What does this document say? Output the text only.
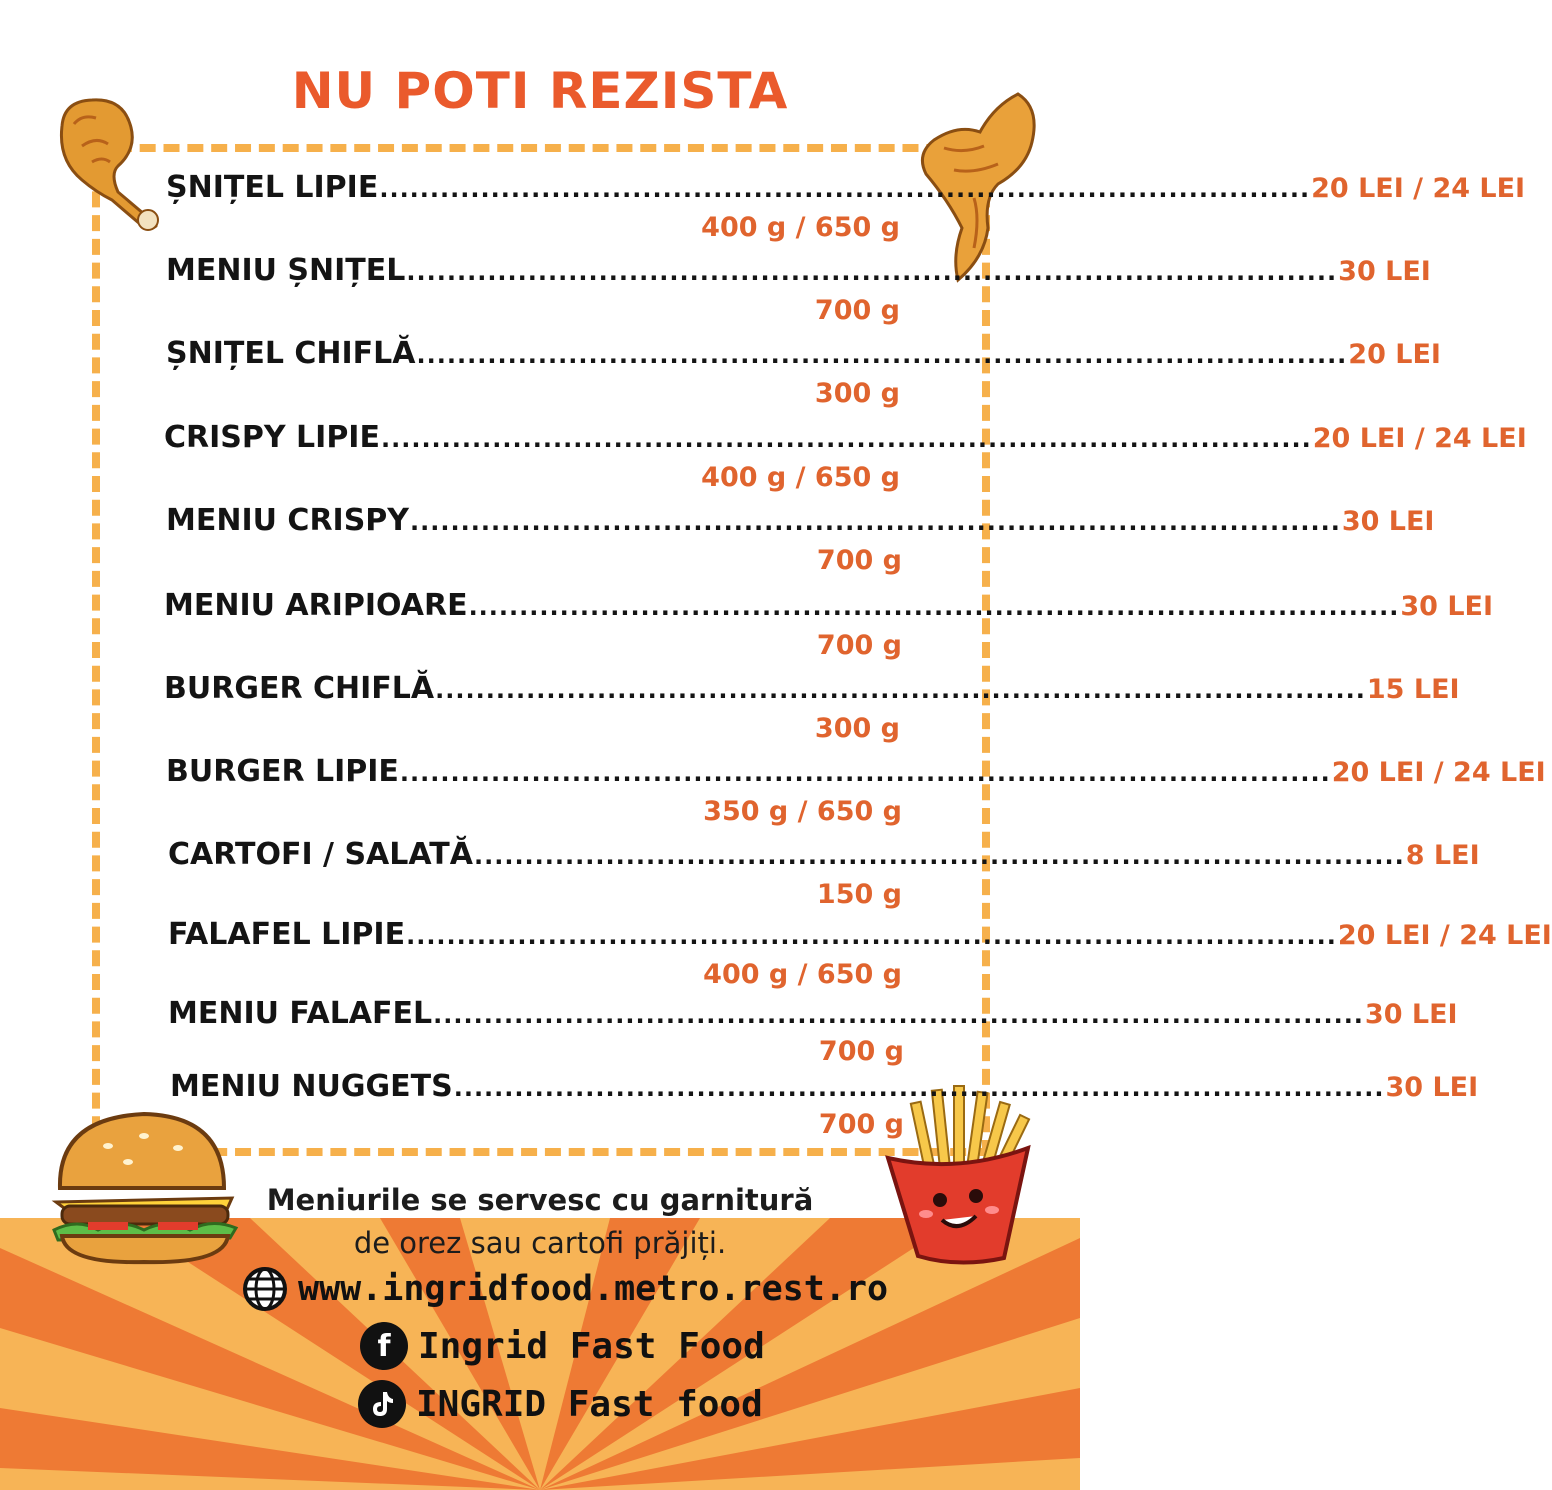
NU POTI REZISTA
ȘNIȚEL LIPIE ............................................................................................ 20 LEI / 24 LEI
400 g / 650 g
MENIU ȘNIȚEL ............................................................................................ 30 LEI
700 g
ȘNIȚEL CHIFLĂ ............................................................................................ 20 LEI
300 g
CRISPY LIPIE ............................................................................................ 20 LEI / 24 LEI
400 g / 650 g
MENIU CRISPY ............................................................................................ 30 LEI
700 g
MENIU ARIPIOARE ............................................................................................ 30 LEI
700 g
BURGER CHIFLĂ ............................................................................................ 15 LEI
300 g
BURGER LIPIE ............................................................................................ 20 LEI / 24 LEI
350 g / 650 g
CARTOFI / SALATĂ ............................................................................................ 8 LEI
150 g
FALAFEL LIPIE ............................................................................................ 20 LEI / 24 LEI
400 g / 650 g
MENIU FALAFEL ............................................................................................ 30 LEI
700 g
MENIU NUGGETS ............................................................................................ 30 LEI
700 g
Meniurile se servesc cu garnitură
de orez sau cartofi prăjiți.
www.ingridfood.metro.rest.ro
f Ingrid Fast Food
INGRID Fast food
